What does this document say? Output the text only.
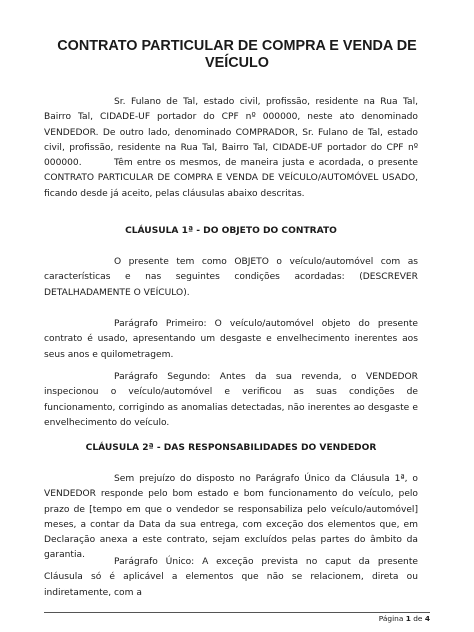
CONTRATO PARTICULAR DE COMPRA E VENDA DE VEÍCULO

Sr. Fulano de Tal, estado civil, profissão, residente na Rua Tal, Bairro Tal, CIDADE-UF portador do CPF nº 000000, neste ato denominado VENDEDOR. De outro lado, denominado COMPRADOR, Sr. Fulano de Tal, estado civil, profissão, residente na Rua Tal, Bairro Tal, CIDADE-UF portador do CPF nº 000000.	Têm entre os mesmos, de maneira justa e acordada, o presente CONTRATO PARTICULAR DE COMPRA E VENDA DE VEÍCULO/AUTOMÓVEL USADO, ficando desde já aceito, pelas cláusulas abaixo descritas.

CLÁUSULA 1ª - DO OBJETO DO CONTRATO

O presente tem como OBJETO o veículo/automóvel com as características e nas seguintes condições acordadas: (DESCREVER DETALHADAMENTE O VEÍCULO).

Parágrafo Primeiro: O veículo/automóvel objeto do presente contrato é usado, apresentando um desgaste e envelhecimento inerentes aos seus anos e quilometragem.

Parágrafo Segundo: Antes da sua revenda, o VENDEDOR inspecionou o veículo/automóvel e verificou as suas condições de funcionamento, corrigindo as anomalias detectadas, não inerentes ao desgaste e envelhecimento do veículo.

CLÁUSULA 2ª - DAS RESPONSABILIDADES DO VENDEDOR

Sem prejuízo do disposto no Parágrafo Único da Cláusula 1ª, o VENDEDOR responde pelo bom estado e bom funcionamento do veículo, pelo prazo de [tempo em que o vendedor se responsabiliza pelo veículo/automóvel] meses, a contar da Data da sua entrega, com exceção dos elementos que, em Declaração anexa a este contrato, sejam excluídos pelas partes do âmbito da garantia.

Parágrafo Único: A exceção prevista no caput da presente Cláusula só é aplicável a elementos que não se relacionem, direta ou indiretamente, com a

Página 1 de 4
